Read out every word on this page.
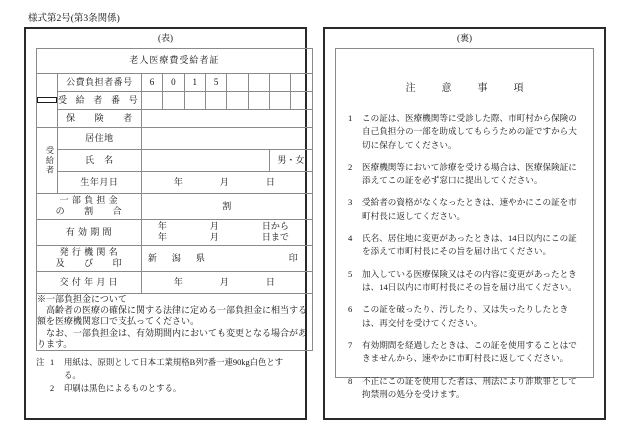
様式第2号(第3条関係)
(表)
老人医療費受給者証									

	公費負担者番号	6	0	1	5				
	受 給 者 番 号								
	保　　険　　者								

受給者	居住地								
	氏　名							男・女	
	生年月日	年 月 日							

一 部 負 担 金
の　　割　　合		割							
有 効 期 間	
年	月	日から
年	月	日まで

発 行 機 関 名
及　　び　　印

新　潟　県	印

交 付 年 月 日		年 月 日							

※一部負担金について

高齢者の医療の確保に関する法律に定める一部負担金に相当する額を医療機関窓口で支払ってください。

なお、一部負担金は、有効期間内においても変更となる場合があります。									

注 1	用紙は、原則として日本工業規格B列7番一連90kg白色とする。
2	印刷は黒色によるものとする。
(裏)
注　意　事　項
1	この証は、医療機関等に受診した際、市町村から保険の自己負担分の一部を助成してもらうための証ですから大切に保存してください。
2	医療機関等において診療を受ける場合は、医療保険証に添えてこの証を必ず窓口に提出してください。
3	受給者の資格がなくなったときは、速やかにこの証を市町村長に返してください。
4	氏名、居住地に変更があったときは、14日以内にこの証を添えて市町村長にその旨を届け出てください。
5	加入している医療保険又はその内容に変更があったときは、14日以内に市町村長にその旨を届け出てください。
6	この証を破ったり、汚したり、又は失ったりしたときは、再交付を受けてください。
7	有効期間を経過したときは、この証を使用することはできませんから、速やかに市町村長に返してください。
8	不正にこの証を使用した者は、刑法により詐欺罪として拘禁刑の処分を受けます。
